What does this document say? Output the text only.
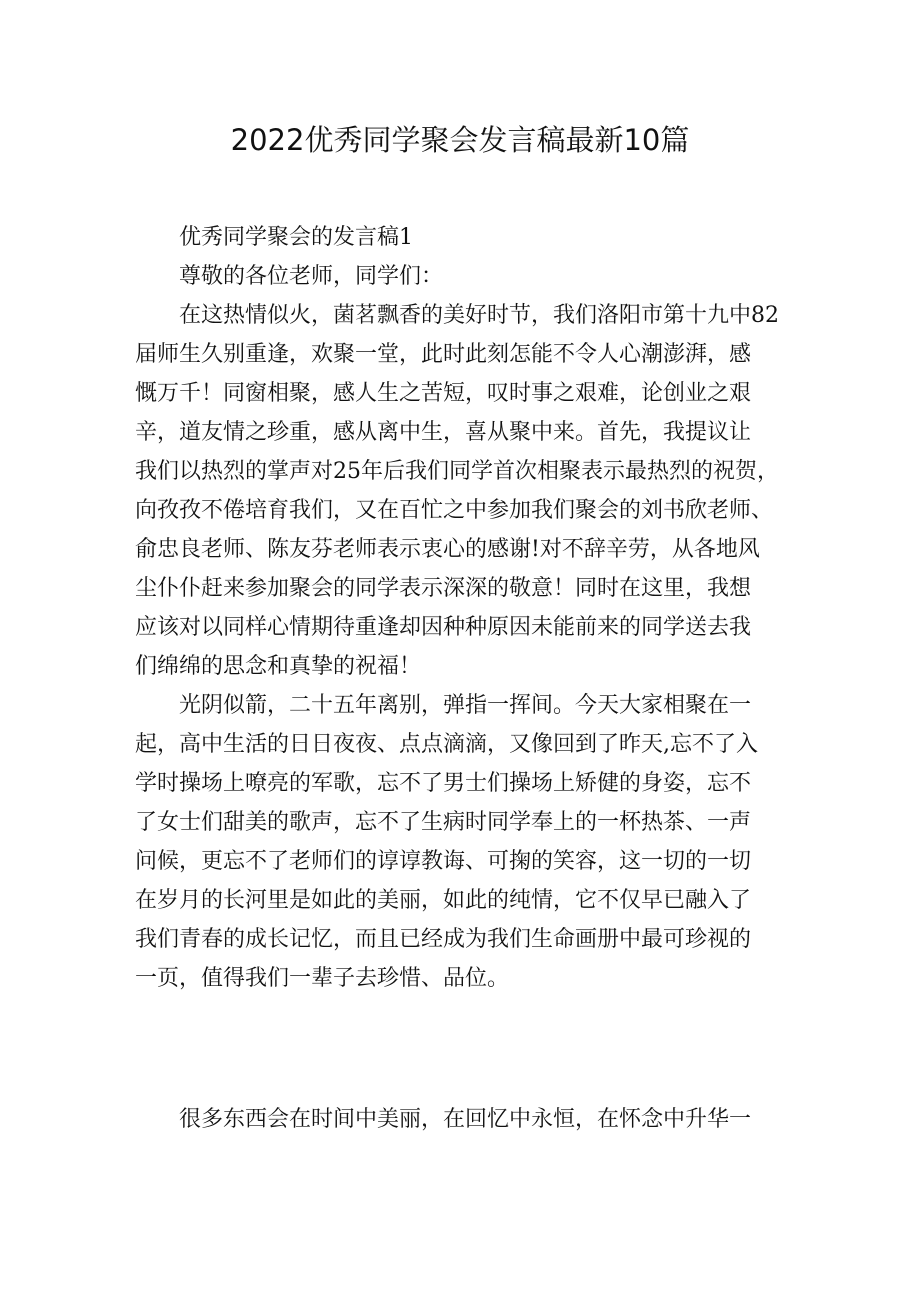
2022优秀同学聚会发言稿最新10篇
优秀同学聚会的发言稿1
尊敬的各位老师，同学们：
在这热情似火，菌茗飘香的美好时节，我们洛阳市第十九中82
届师生久别重逢，欢聚一堂，此时此刻怎能不令人心潮澎湃，感
慨万千！同窗相聚，感人生之苦短，叹时事之艰难，论创业之艰
辛，道友情之珍重，感从离中生，喜从聚中来。首先，我提议让
我们以热烈的掌声对25年后我们同学首次相聚表示最热烈的祝贺，
向孜孜不倦培育我们，又在百忙之中参加我们聚会的刘书欣老师、
俞忠良老师、陈友芬老师表示衷心的感谢!对不辞辛劳，从各地风
尘仆仆赶来参加聚会的同学表示深深的敬意！同时在这里，我想
应该对以同样心情期待重逢却因种种原因未能前来的同学送去我
们绵绵的思念和真挚的祝福！
光阴似箭，二十五年离别，弹指一挥间。今天大家相聚在一
起，高中生活的日日夜夜、点点滴滴，又像回到了昨天,忘不了入
学时操场上嘹亮的军歌，忘不了男士们操场上矫健的身姿，忘不
了女士们甜美的歌声，忘不了生病时同学奉上的一杯热茶、一声
问候，更忘不了老师们的谆谆教诲、可掬的笑容，这一切的一切
在岁月的长河里是如此的美丽，如此的纯情，它不仅早已融入了
我们青春的成长记忆，而且已经成为我们生命画册中最可珍视的
一页，值得我们一辈子去珍惜、品位。
很多东西会在时间中美丽，在回忆中永恒，在怀念中升华一
